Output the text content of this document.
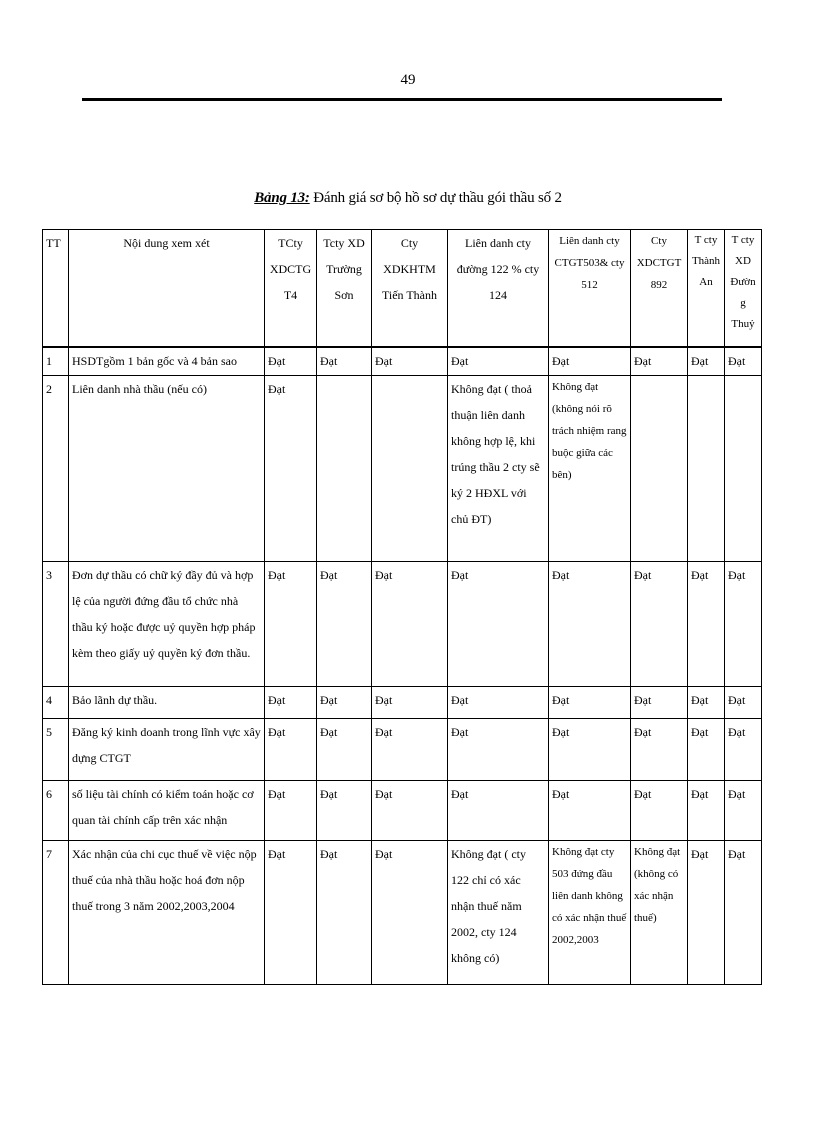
49
Bảng 13: Đánh giá sơ bộ hồ sơ dự thầu gói thầu số 2
TT	Nội dung xem xét	TCty XDCTG T4	Tcty XD Trường Sơn	Cty XDKHTM Tiến Thành	Liên danh cty đường 122 % cty 124	Liên danh cty CTGT503& cty 512	Cty XDCTGT 892	T cty Thành An	T cty XD Đường Thuỷ
1	HSDTgồm 1 bản gốc và 4 bản sao	Đạt	Đạt	Đạt	Đạt	Đạt	Đạt	Đạt	Đạt
2	Liên danh nhà thầu (nếu có)	Đạt			Không đạt ( thoả thuận liên danh không hợp lệ, khi trúng thầu 2 cty sẽ ký 2 HĐXL với chủ ĐT)	Không đạt (không nói rõ trách nhiệm rang buộc giữa các bên)			
3	Đơn dự thầu có chữ ký đầy đủ và hợp lệ của người đứng đầu tổ chức nhà thầu ký hoặc được uỷ quyền hợp pháp kèm theo giấy uỷ quyền ký đơn thầu.	Đạt	Đạt	Đạt	Đạt	Đạt	Đạt	Đạt	Đạt
4	Bảo lãnh dự thầu.	Đạt	Đạt	Đạt	Đạt	Đạt	Đạt	Đạt	Đạt
5	Đăng ký kinh doanh trong lĩnh vực xây dựng CTGT	Đạt	Đạt	Đạt	Đạt	Đạt	Đạt	Đạt	Đạt
6	số liệu tài chính có kiểm toán hoặc cơ quan tài chính cấp trên xác nhận	Đạt	Đạt	Đạt	Đạt	Đạt	Đạt	Đạt	Đạt
7	Xác nhận của chi cục thuế về việc nộp thuế của nhà thầu hoặc hoá đơn nộp thuế trong 3 năm 2002,2003,2004	Đạt	Đạt	Đạt	Không đạt ( cty 122 chỉ có xác nhận thuế năm 2002, cty 124 không có)	Không đạt cty 503 đứng đầu liên danh không có xác nhận thuế 2002,2003	Không đạt (không có xác nhận thuế)	Đạt	Đạt
